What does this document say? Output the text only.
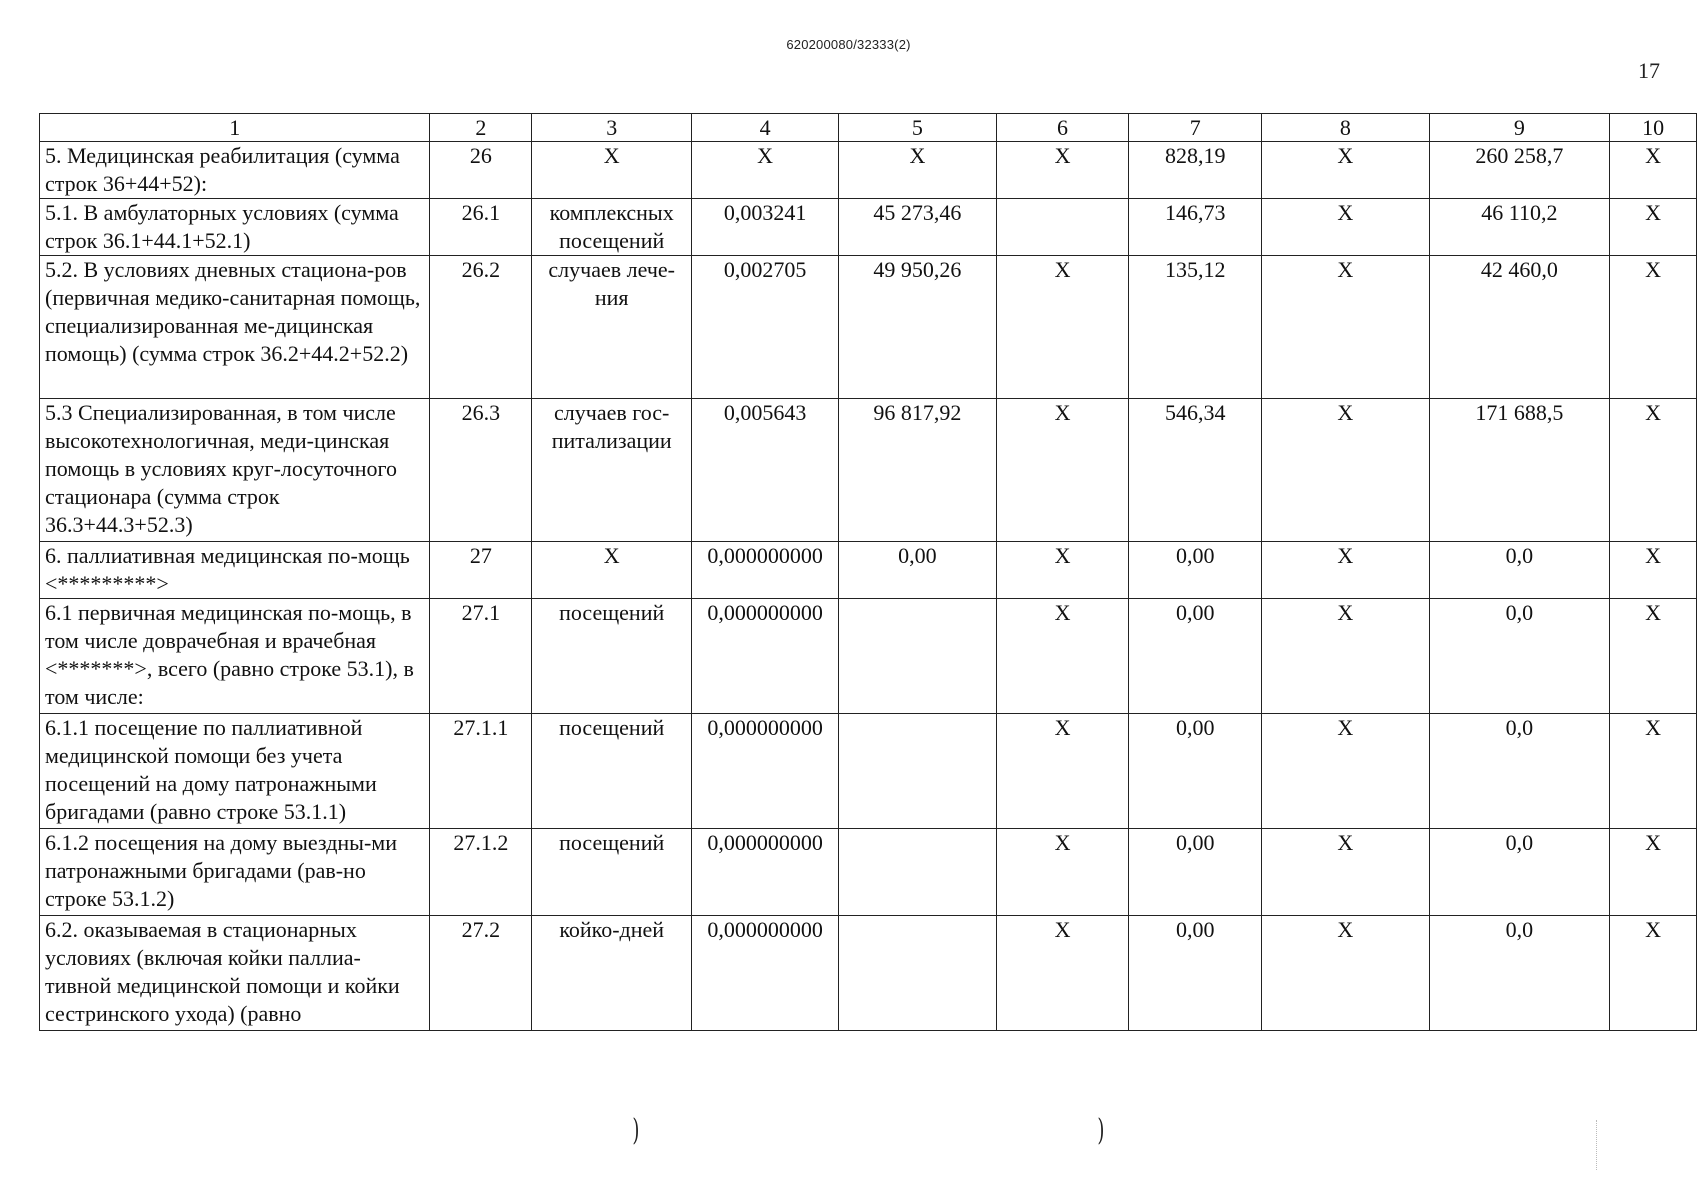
620200080/32333(2)
17
1	2	3	4	5	6	7	8	9	10
5. Медицинская реабилитация (сумма строк 36+44+52):	26	X	X	X	X	828,19	X	260 258,7	X
5.1. В амбулаторных условиях (сумма строк 36.1+44.1+52.1)	26.1	комплексных посещений	0,003241	45 273,46		146,73	X	46 110,2	X
5.2. В условиях дневных стациона-ров (первичная медико-санитарная помощь, специализированная ме-дицинская помощь) (сумма строк 36.2+44.2+52.2)	26.2	случаев лече-ния	0,002705	49 950,26	X	135,12	X	42 460,0	X
5.3 Специализированная, в том числе высокотехнологичная, меди-цинская помощь в условиях круг-лосуточного стационара (сумма строк 36.3+44.3+52.3)	26.3	случаев гос-питализации	0,005643	96 817,92	X	546,34	X	171 688,5	X
6. паллиативная медицинская по-мощь <*********>	27	X	0,000000000	0,00	X	0,00	X	0,0	X
6.1 первичная медицинская по-мощь, в том числе доврачебная и врачебная <*******>, всего (равно строке 53.1), в том числе:	27.1	посещений	0,000000000		X	0,00	X	0,0	X
6.1.1 посещение по паллиативной медицинской помощи без учета посещений на дому патронажными бригадами (равно строке 53.1.1)	27.1.1	посещений	0,000000000		X	0,00	X	0,0	X
6.1.2 посещения на дому выездны-ми патронажными бригадами (рав-но строке 53.1.2)	27.1.2	посещений	0,000000000		X	0,00	X	0,0	X
6.2. оказываемая в стационарных условиях (включая койки паллиа-тивной медицинской помощи и койки сестринского ухода) (равно	27.2	койко-дней	0,000000000		X	0,00	X	0,0	X
)	)
